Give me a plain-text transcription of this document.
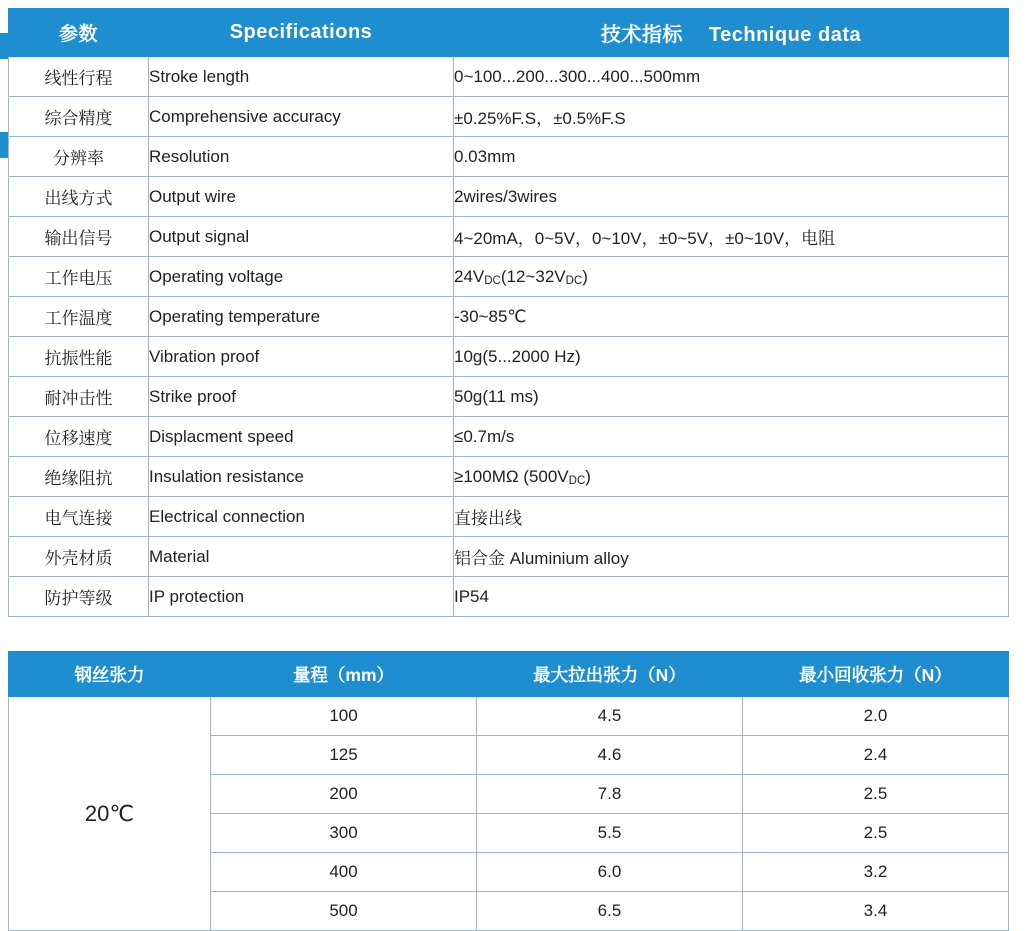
参数	Specifications	技术指标 Technique data
线性行程	Stroke length	0~100...200...300...400...500mm
综合精度	Comprehensive accuracy	±0.25%F.S，±0.5%F.S
分辨率	Resolution	0.03mm
出线方式	Output wire	2wires/3wires
输出信号	Output signal	4~20mA，0~5V，0~10V，±0~5V，±0~10V，电阻
工作电压	Operating voltage	24VDC(12~32VDC)
工作温度	Operating temperature	-30~85℃
抗振性能	Vibration proof	10g(5...2000 Hz)
耐冲击性	Strike proof	50g(11 ms)
位移速度	Displacment speed	≤0.7m/s
绝缘阻抗	Insulation resistance	≥100MΩ (500VDC)
电气连接	Electrical connection	直接出线
外壳材质	Material	铝合金 Aluminium alloy
防护等级	IP protection	IP54
钢丝张力	量程（mm）	最大拉出张力（N）	最小回收张力（N）
20℃	100	4.5	2.0
	125	4.6	2.4
	200	7.8	2.5
	300	5.5	2.5
	400	6.0	3.2
	500	6.5	3.4
